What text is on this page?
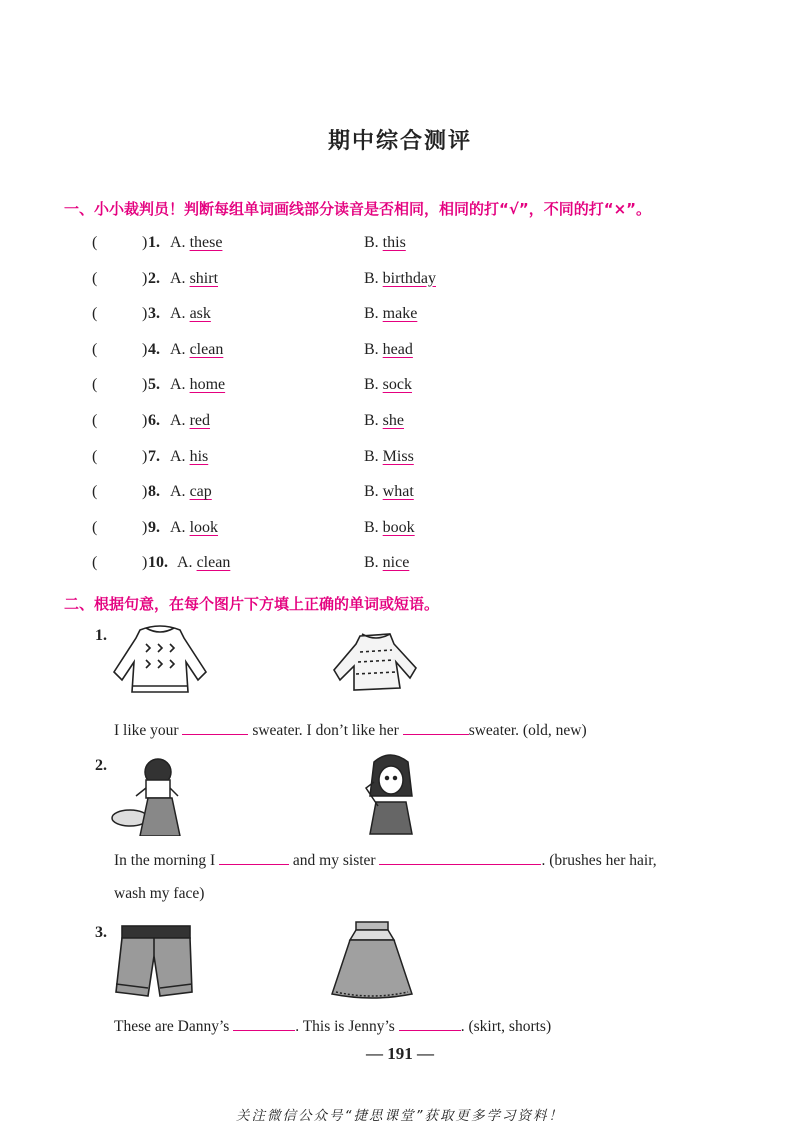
期中综合测评
一、小小裁判员！判断每组单词画线部分读音是否相同，相同的打“√”，不同的打“×”。
(	) 1. A. these	B. this
(	) 2. A. shirt	B. birthday
(	) 3. A. ask	B. make
(	) 4. A. clean	B. head
(	) 5. A. home	B. sock
(	) 6. A. red	B. she
(	) 7. A. his	B. Miss
(	) 8. A. cap	B. what
(	) 9. A. look	B. book
(	) 10. A. clean	B. nice
二、根据句意，在每个图片下方填上正确的单词或短语。
1.
I like your	sweater. I don’t like her	sweater. (old, new)
2.
In the morning I	and my sister	. (brushes her hair,
wash my face)
3.
These are Danny’s	. This is Jenny’s	. (skirt, shorts)
— 191 —
关注微信公众号“捷思课堂”获取更多学习资料！
